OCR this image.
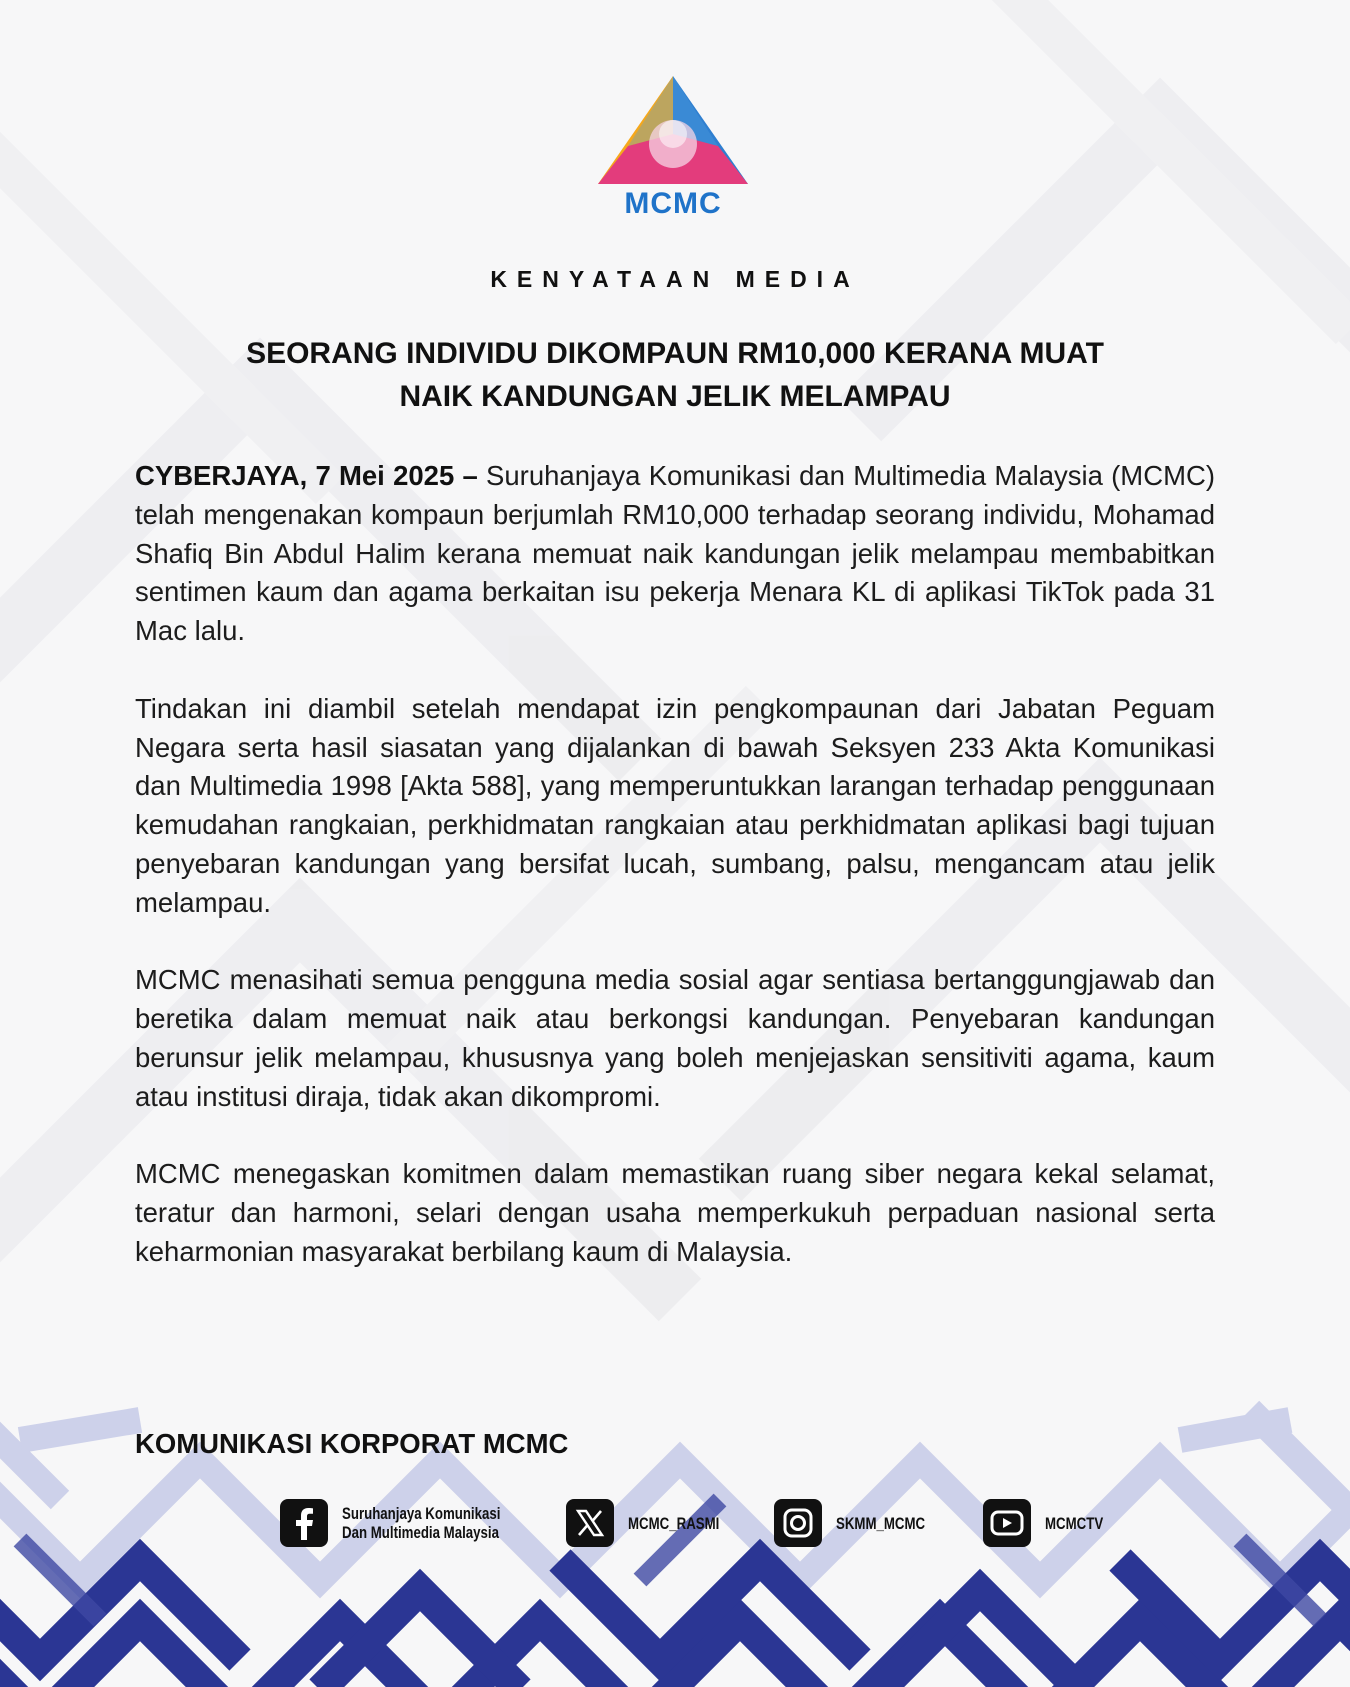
MCMC
KENYATAAN MEDIA
SEORANG INDIVIDU DIKOMPAUN RM10,000 KERANA MUAT
NAIK KANDUNGAN JELIK MELAMPAU

CYBERJAYA, 7 Mei 2025 – Suruhanjaya Komunikasi dan Multimedia Malaysia (MCMC) telah mengenakan kompaun berjumlah RM10,000 terhadap seorang individu, Mohamad Shafiq Bin Abdul Halim kerana memuat naik kandungan jelik melampau membabitkan sentimen kaum dan agama berkaitan isu pekerja Menara KL di aplikasi TikTok pada 31 Mac lalu.

Tindakan ini diambil setelah mendapat izin pengkompaunan dari Jabatan Peguam Negara serta hasil siasatan yang dijalankan di bawah Seksyen 233 Akta Komunikasi dan Multimedia 1998 [Akta 588], yang memperuntukkan larangan terhadap penggunaan kemudahan rangkaian, perkhidmatan rangkaian atau perkhidmatan aplikasi bagi tujuan penyebaran kandungan yang bersifat lucah, sumbang, palsu, mengancam atau jelik melampau.

MCMC menasihati semua pengguna media sosial agar sentiasa bertanggungjawab dan beretika dalam memuat naik atau berkongsi kandungan. Penyebaran kandungan berunsur jelik melampau, khususnya yang boleh menjejaskan sensitiviti agama, kaum atau institusi diraja, tidak akan dikompromi.

MCMC menegaskan komitmen dalam memastikan ruang siber negara kekal selamat, teratur dan harmoni, selari dengan usaha memperkukuh perpaduan nasional serta keharmonian masyarakat berbilang kaum di Malaysia.

KOMUNIKASI KORPORAT MCMC
Suruhanjaya Komunikasi
Dan Multimedia Malaysia	MCMC_RASMI	SKMM_MCMC	MCMCTV
